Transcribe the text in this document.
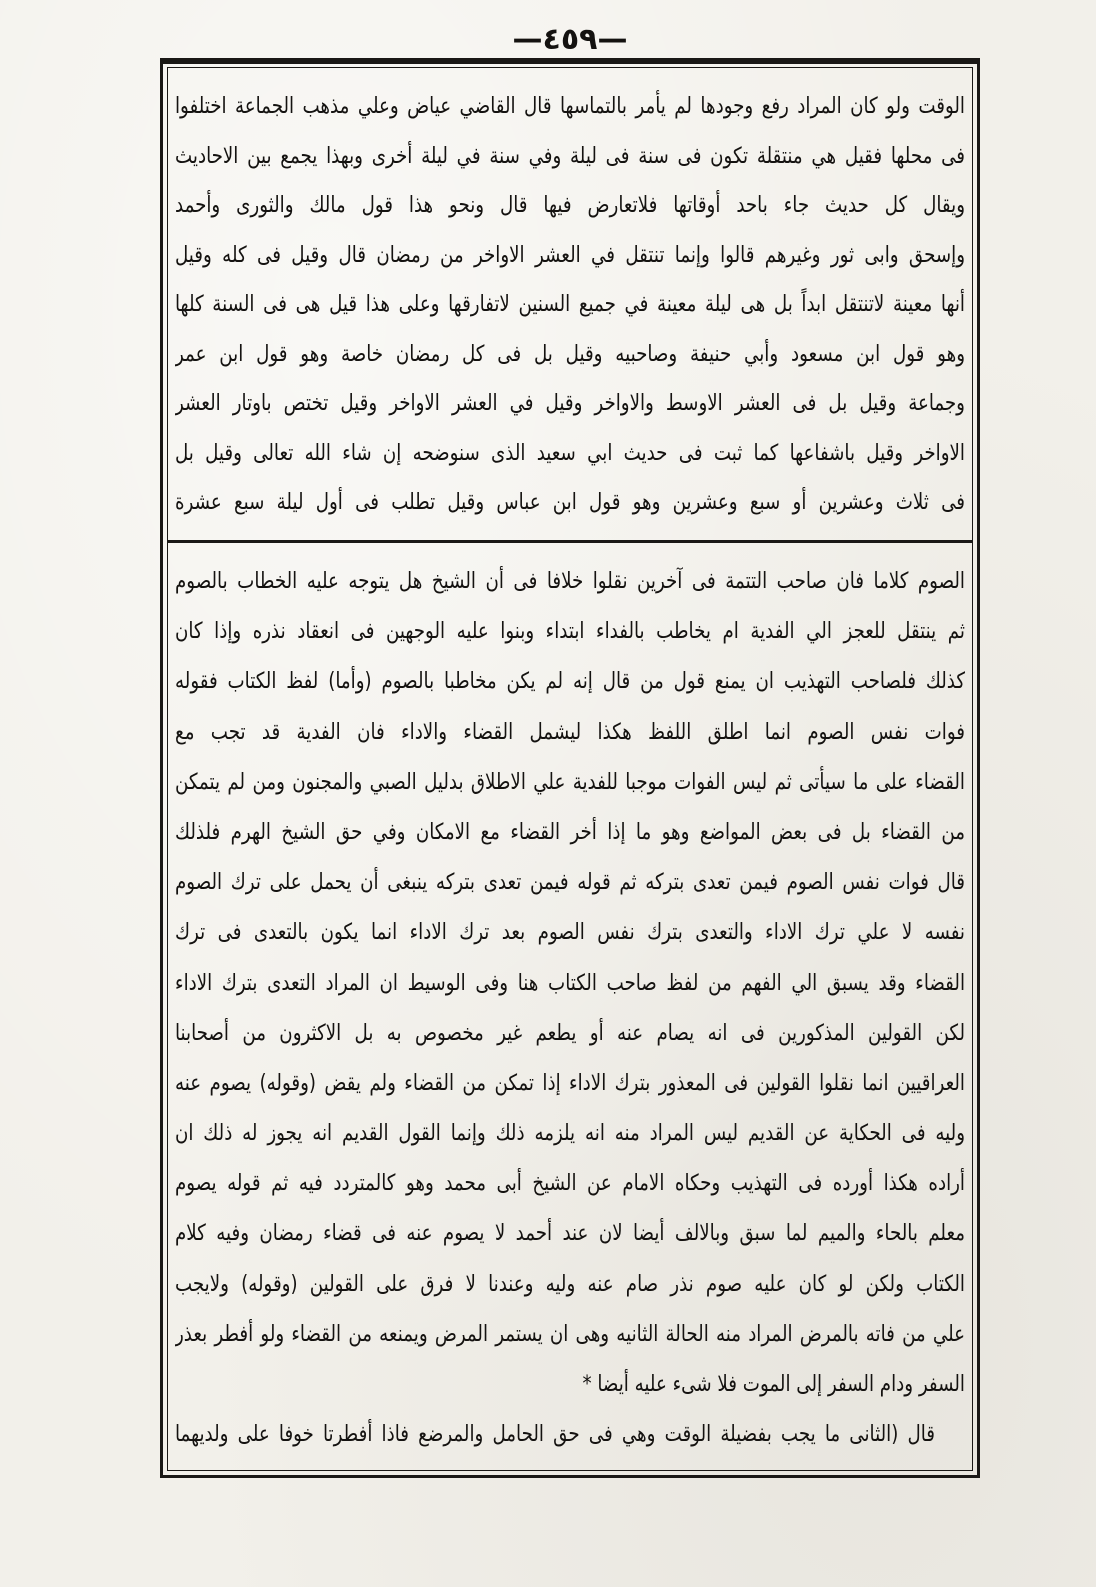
—٤٥٩—
الوقت ولو كان المراد رفع وجودها لم يأمر بالتماسها قال القاضي عياض وعلي مذهب الجماعة اختلفوا
فى محلها فقيل هي منتقلة تكون فى سنة فى ليلة وفي سنة في ليلة أخرى وبهذا يجمع بين الاحاديث
ويقال كل حديث جاء باحد أوقاتها فلاتعارض فيها قال ونحو هذا قول مالك والثورى وأحمد
وإسحق وابى ثور وغيرهم قالوا وإنما تنتقل في العشر الاواخر من رمضان قال وقيل فى كله وقيل
أنها معينة لاتنتقل ابداً بل هى ليلة معينة في جميع السنين لاتفارقها وعلى هذا قيل هى فى السنة كلها
وهو قول ابن مسعود وأبي حنيفة وصاحبيه وقيل بل فى كل رمضان خاصة وهو قول ابن عمر
وجماعة وقيل بل فى العشر الاوسط والاواخر وقيل في العشر الاواخر وقيل تختص باوتار العشر
الاواخر وقيل باشفاعها كما ثبت فى حديث ابي سعيد الذى سنوضحه إن شاء الله تعالى وقيل بل
فى ثلاث وعشرين أو سبع وعشرين وهو قول ابن عباس وقيل تطلب فى أول ليلة سبع عشرة
الصوم كلاما فان صاحب التتمة فى آخرين نقلوا خلافا فى أن الشيخ هل يتوجه عليه الخطاب بالصوم
ثم ينتقل للعجز الي الفدية ام يخاطب بالفداء ابتداء وبنوا عليه الوجهين فى انعقاد نذره وإذا كان
كذلك فلصاحب التهذيب ان يمنع قول من قال إنه لم يكن مخاطبا بالصوم (وأما) لفظ الكتاب فقوله
فوات نفس الصوم انما اطلق اللفظ هكذا ليشمل القضاء والاداء فان الفدية قد تجب مع
القضاء على ما سيأتى ثم ليس الفوات موجبا للفدية علي الاطلاق بدليل الصبي والمجنون ومن لم يتمكن
من القضاء بل فى بعض المواضع وهو ما إذا أخر القضاء مع الامكان وفي حق الشيخ الهرم فلذلك
قال فوات نفس الصوم فيمن تعدى بتركه ثم قوله فيمن تعدى بتركه ينبغى أن يحمل على ترك الصوم
نفسه لا علي ترك الاداء والتعدى بترك نفس الصوم بعد ترك الاداء انما يكون بالتعدى فى ترك
القضاء وقد يسبق الي الفهم من لفظ صاحب الكتاب هنا وفى الوسيط ان المراد التعدى بترك الاداء
لكن القولين المذكورين فى انه يصام عنه أو يطعم غير مخصوص به بل الاكثرون من أصحابنا
العراقيين انما نقلوا القولين فى المعذور بترك الاداء إذا تمكن من القضاء ولم يقض (وقوله) يصوم عنه
وليه فى الحكاية عن القديم ليس المراد منه انه يلزمه ذلك وإنما القول القديم انه يجوز له ذلك ان
أراده هكذا أورده فى التهذيب وحكاه الامام عن الشيخ أبى محمد وهو كالمتردد فيه ثم قوله يصوم
معلم بالحاء والميم لما سبق وبالالف أيضا لان عند أحمد لا يصوم عنه فى قضاء رمضان وفيه كلام
الكتاب ولكن لو كان عليه صوم نذر صام عنه وليه وعندنا لا فرق على القولين (وقوله) ولايجب
علي من فاته بالمرض المراد منه الحالة الثانيه وهى ان يستمر المرض ويمنعه من القضاء ولو أفطر بعذر
السفر ودام السفر إلى الموت فلا شىء عليه أيضا *
قال (الثانى ما يجب بفضيلة الوقت وهي فى حق الحامل والمرضع فاذا أفطرتا خوفا على ولديهما
